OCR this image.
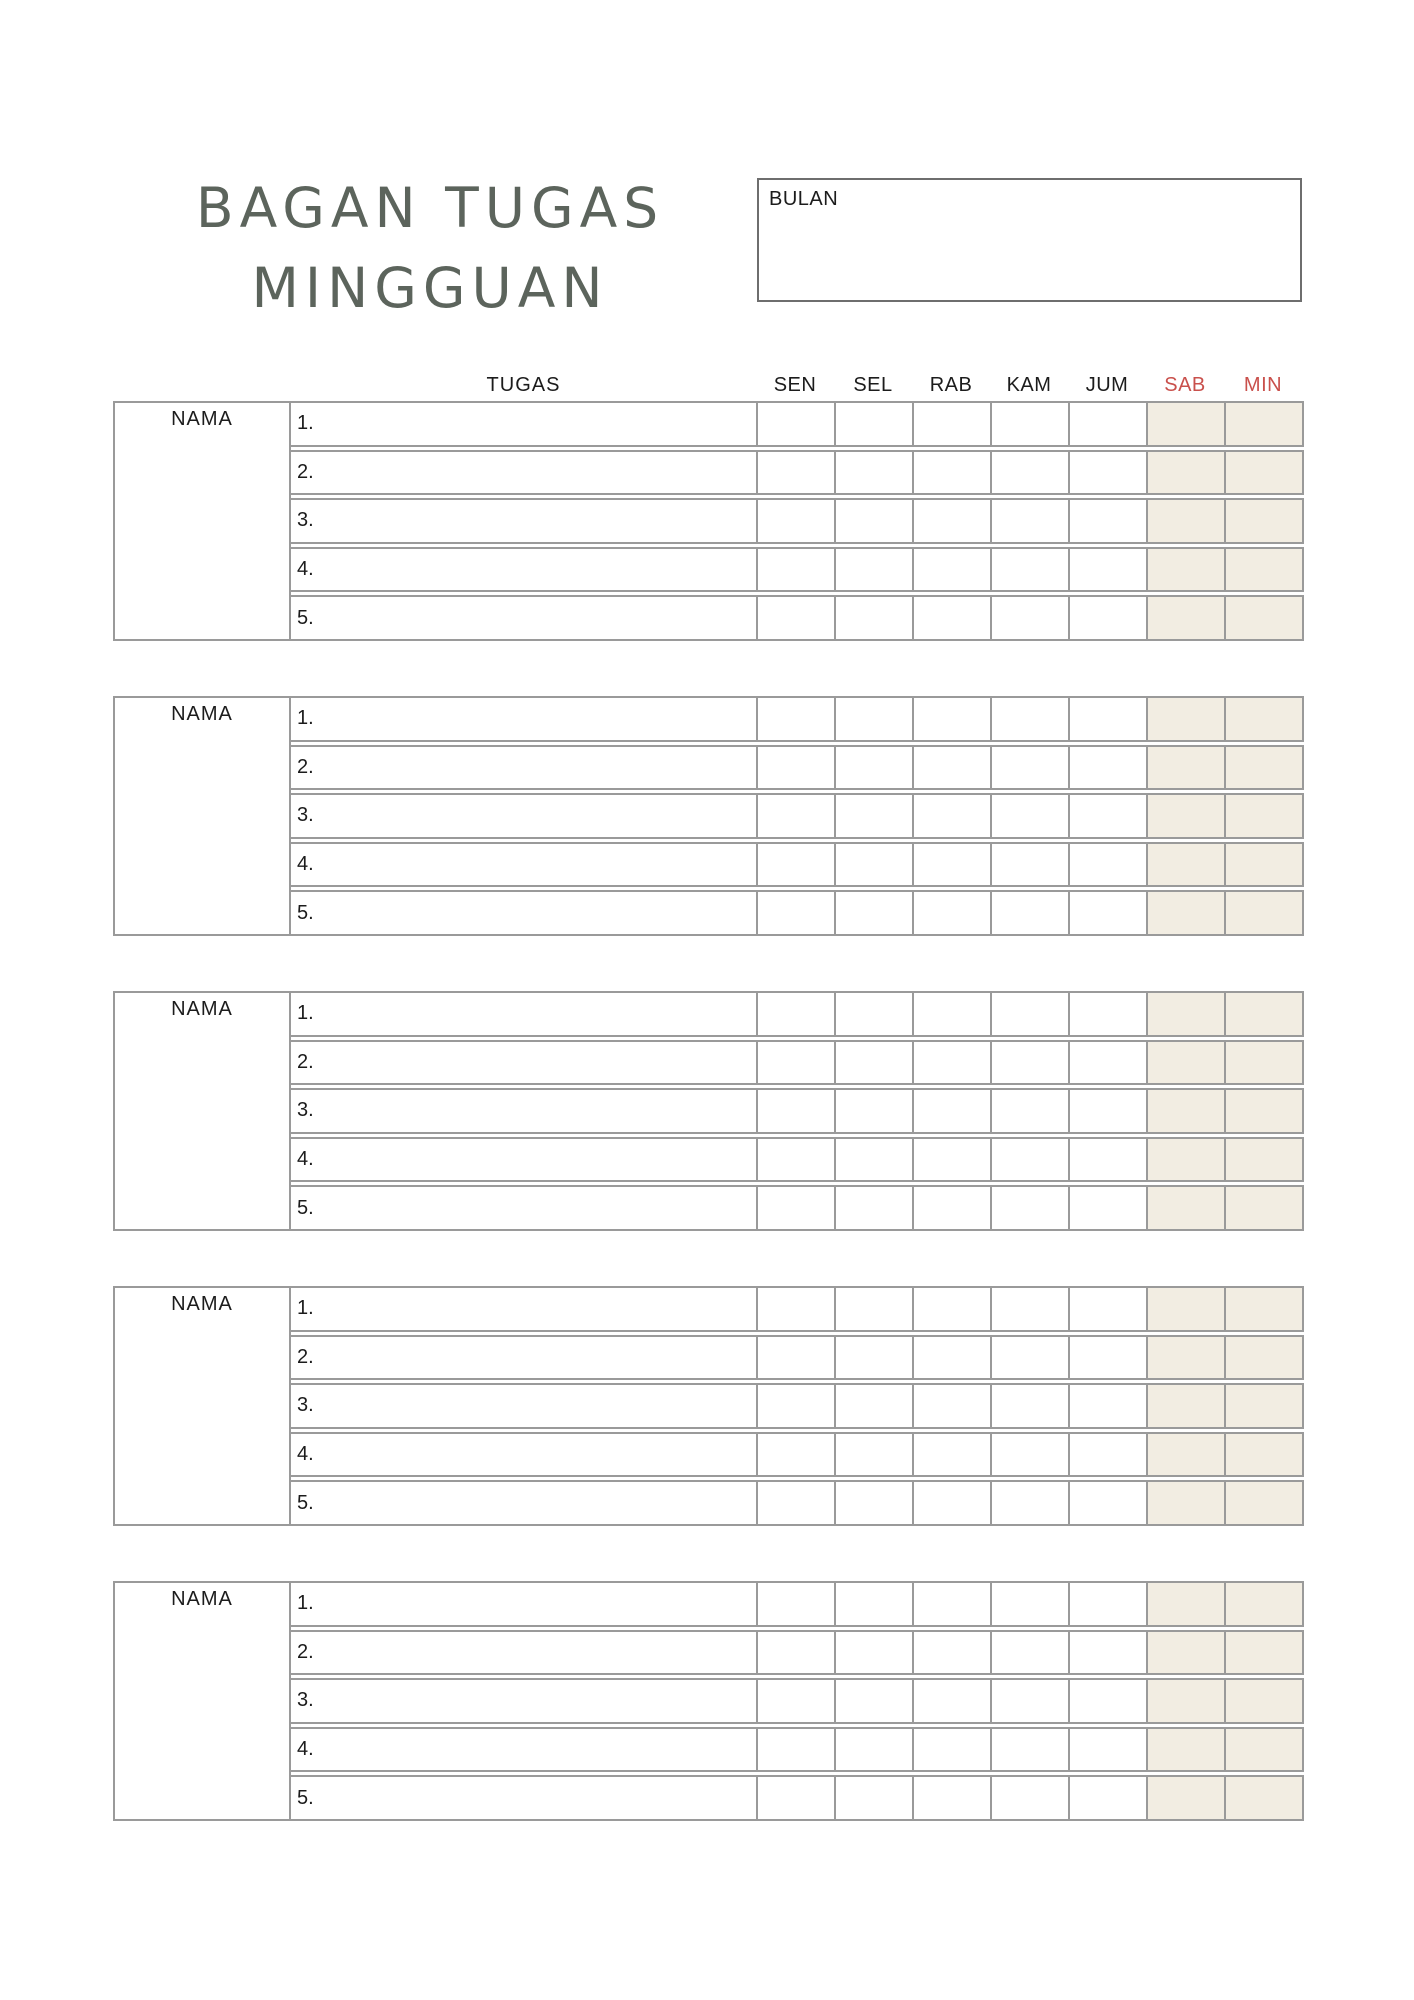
BAGAN TUGAS
MINGGUAN
BULAN
TUGAS	SEN	SEL	RAB	KAM	JUM	SAB	MIN
NAMA	1.
2.
3.
4.
5.
NAMA	1.
2.
3.
4.
5.
NAMA	1.
2.
3.
4.
5.
NAMA	1.
2.
3.
4.
5.
NAMA	1.
2.
3.
4.
5.
